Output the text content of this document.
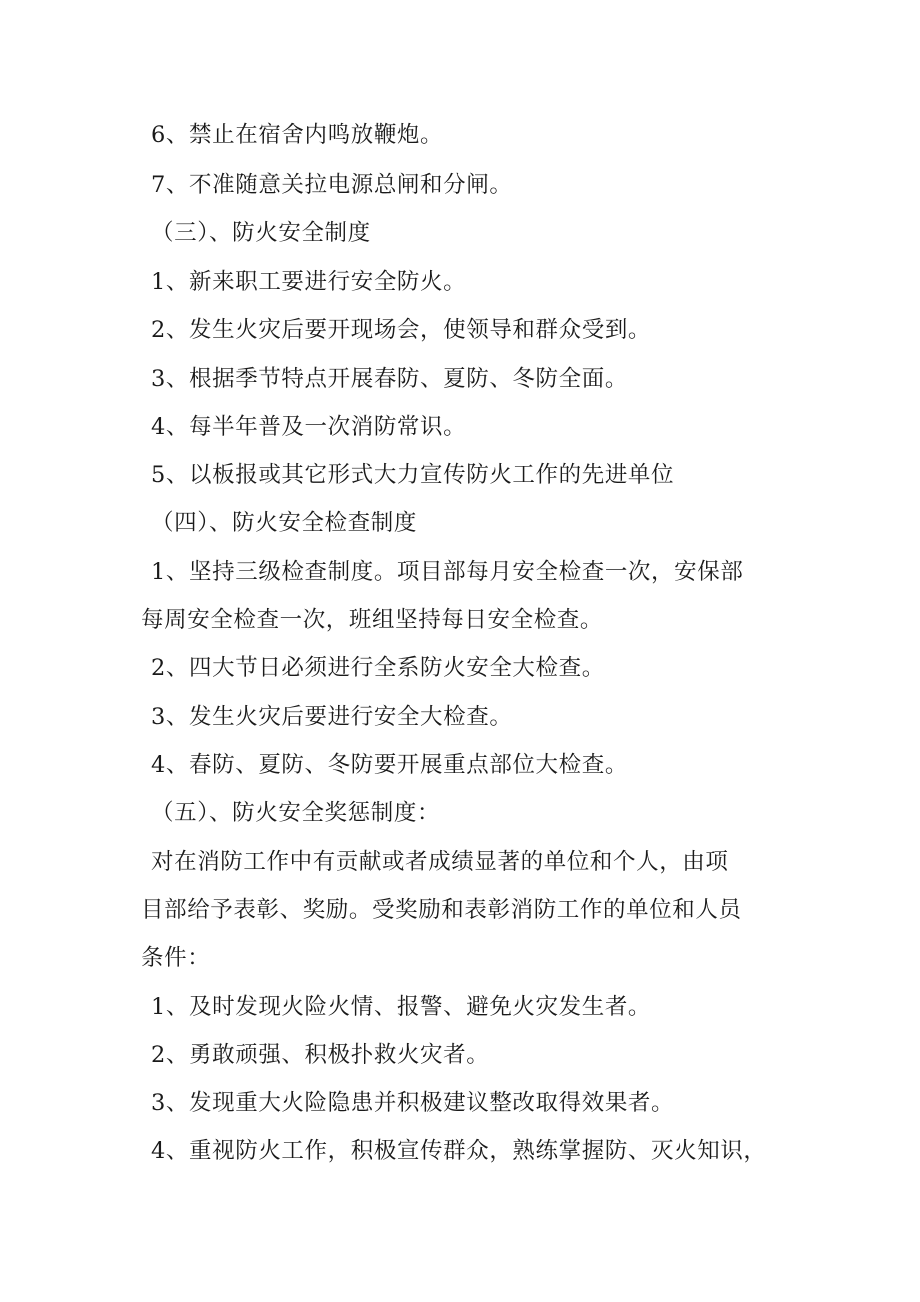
6、禁止在宿舍内鸣放鞭炮。
7、不准随意关拉电源总闸和分闸。
（三）、防火安全制度
1、新来职工要进行安全防火。
2、发生火灾后要开现场会，使领导和群众受到。
3、根据季节特点开展春防、夏防、冬防全面。
4、每半年普及一次消防常识。
5、以板报或其它形式大力宣传防火工作的先进单位
（四）、防火安全检查制度
1、坚持三级检查制度。项目部每月安全检查一次，安保部
每周安全检查一次，班组坚持每日安全检查。
2、四大节日必须进行全系防火安全大检查。
3、发生火灾后要进行安全大检查。
4、春防、夏防、冬防要开展重点部位大检查。
（五）、防火安全奖惩制度：
对在消防工作中有贡献或者成绩显著的单位和个人，由项
目部给予表彰、奖励。受奖励和表彰消防工作的单位和人员
条件：
1、及时发现火险火情、报警、避免火灾发生者。
2、勇敢顽强、积极扑救火灾者。
3、发现重大火险隐患并积极建议整改取得效果者。
4、重视防火工作，积极宣传群众，熟练掌握防、灭火知识，
